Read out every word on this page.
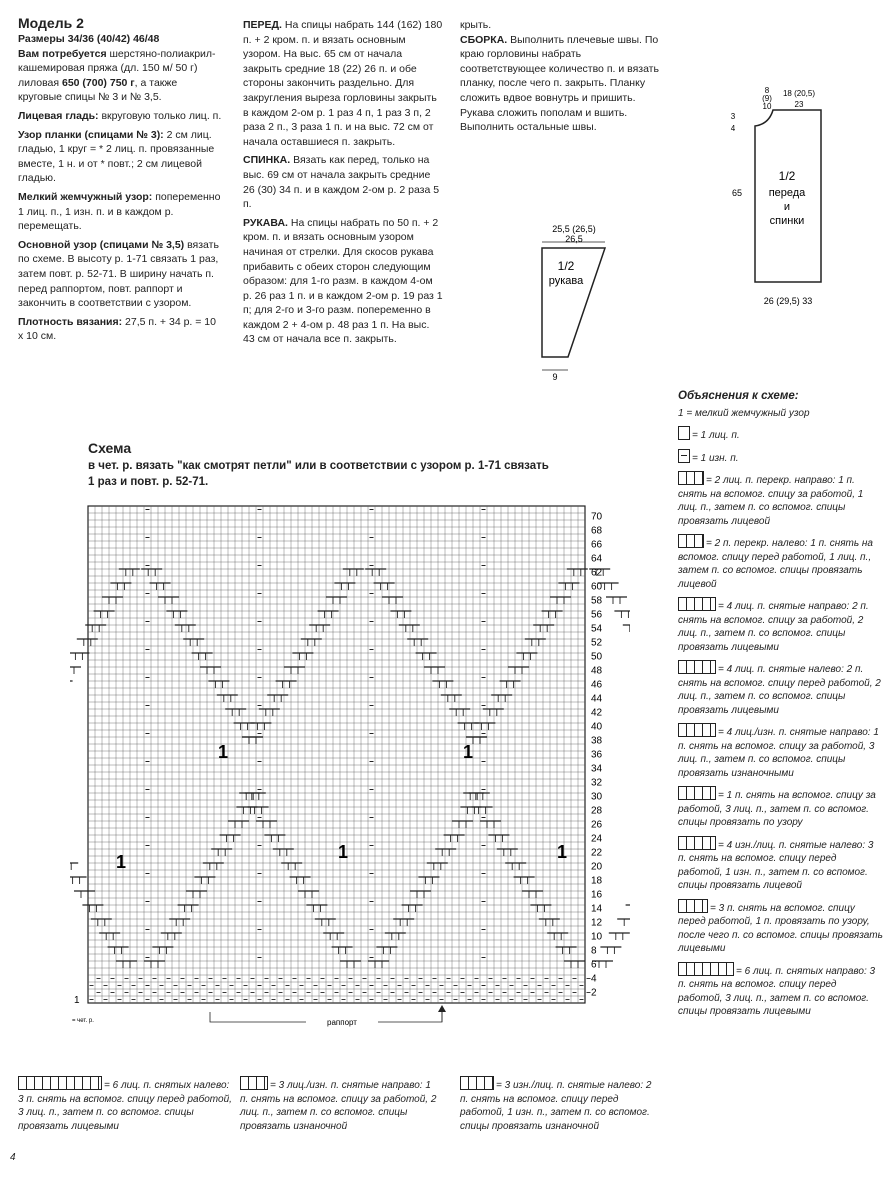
Модель 2

Размеры 34/36 (40/42) 46/48

Вам потребуется шерстяно-полиакрил-кашемировая пряжа (дл. 150 м/ 50 г) лиловая 650 (700) 750 г, а также круговые спицы № 3 и № 3,5.

Лицевая гладь: вкруговую только лиц. п.

Узор планки (спицами № 3): 2 см лиц. гладью, 1 круг = * 2 лиц. п. провязанные вместе, 1 н. и от * повт.; 2 см лицевой гладью.

Мелкий жемчужный узор: попеременно 1 лиц. п., 1 изн. п. и в каждом р. перемещать.

Основной узор (спицами № 3,5) вязать по схеме. В высоту р. 1-71 связать 1 раз, затем повт. р. 52-71. В ширину начать п. перед раппортом, повт. раппорт и закончить в соответствии с узором.

Плотность вязания: 27,5 п. + 34 р. = 10 х 10 см.

ПЕРЕД. На спицы набрать 144 (162) 180 п. + 2 кром. п. и вязать основным узором. На выс. 65 см от начала закрыть средние 18 (22) 26 п. и обе стороны закончить раздельно. Для закругления выреза горловины закрыть в каждом 2-ом р. 1 раз 4 п, 1 раз 3 п, 2 раза 2 п., 3 раза 1 п. и на выс. 72 см от начала оставшиеся п. закрыть.

СПИНКА. Вязать как перед, только на выс. 69 см от начала закрыть средние 26 (30) 34 п. и в каждом 2-ом р. 2 раза 5 п.

РУКАВА. На спицы набрать по 50 п. + 2 кром. п. и вязать основным узором начиная от стрелки. Для скосов рукава прибавить с обеих сторон следующим образом: для 1-го разм. в каждом 4-ом р. 26 раз 1 п. и в каждом 2-ом р. 19 раз 1 п; для 2-го и 3-го разм. попеременно в каждом 2 + 4-ом р. 48 раз 1 п. На выс. 43 см от начала все п. закрыть.

крыть.

СБОРКА. Выполнить плечевые швы. По краю горловины набрать соответствующее количество п. и вязать планку, после чего п. закрыть. Планку сложить вдвое вовнутрь и пришить. Рукава сложить пополам и вшить. Выполнить остальные швы.

25,5 (26,5)
26,5
1/2
рукава
9
8
(9)
10
18 (20,5)
23
3
4
65
1/2
переда
и
спинки
26 (29,5) 33
Схема
в чет. р. вязать "как смотрят петли" или в соответствии с узором р. 1-71 связать 1 раз и повт. р. 52-71.
70
68
66
64
62
60
58
56
54
52
50
48
46
44
42
40
38
36
34
32
30
28
26
24
22
20
18
16
14
12
10
8
6
4
2
1	1
1	1	1
1
= чет. р.	раппорт
Объяснения к схеме:
1 = мелкий жемчужный узор
= 1 лиц. п.
= 1 изн. п.
= 2 лиц. п. перекр. направо: 1 п. снять на вспомог. спицу за работой, 1 лиц. п., затем п. со вспомог. спицы провязать лицевой
= 2 п. перекр. налево: 1 п. снять на вспомог. спицу перед работой, 1 лиц. п., затем п. со вспомог. спицы провязать лицевой
= 4 лиц. п. снятые направо: 2 п. снять на вспомог. спицу за работой, 2 лиц. п., затем п. со вспомог. спицы провязать лицевыми
= 4 лиц. п. снятые налево: 2 п. снять на вспомог. спицу перед работой, 2 лиц. п., затем п. со вспомог. спицы провязать лицевыми
= 4 лиц./изн. п. снятые направо: 1 п. снять на вспомог. спицу за работой, 3 лиц. п., затем п. со вспомог. спицы провязать изнаночными
= 1 п. снять на вспомог. спицу за работой, 3 лиц. п., затем п. со вспомог. спицы провязать по узору
= 4 изн./лиц. п. снятые налево: 3 п. снять на вспомог. спицу перед работой, 1 изн. п., затем п. со вспомог. спицы провязать лицевой
= 3 п. снять на вспомог. спицу перед работой, 1 п. провязать по узору, после чего п. со вспомог. спицы провязать лицевыми
= 6 лиц. п. снятых направо: 3 п. снять на вспомог. спицу перед работой, 3 лиц. п., затем п. со вспомог. спицы провязать лицевыми
= 6 лиц. п. снятых налево: 3 п. снять на вспомог. спицу перед работой, 3 лиц. п., затем п. со вспомог. спицы провязать лицевыми
= 3 лиц./изн. п. снятые направо: 1 п. снять на вспомог. спицу за работой, 2 лиц. п., затем п. со вспомог. спицы провязать изнаночной
= 3 изн./лиц. п. снятые налево: 2 п. снять на вспомог. спицу перед работой, 1 изн. п., затем п. со вспомог. спицы провязать изнаночной
4
